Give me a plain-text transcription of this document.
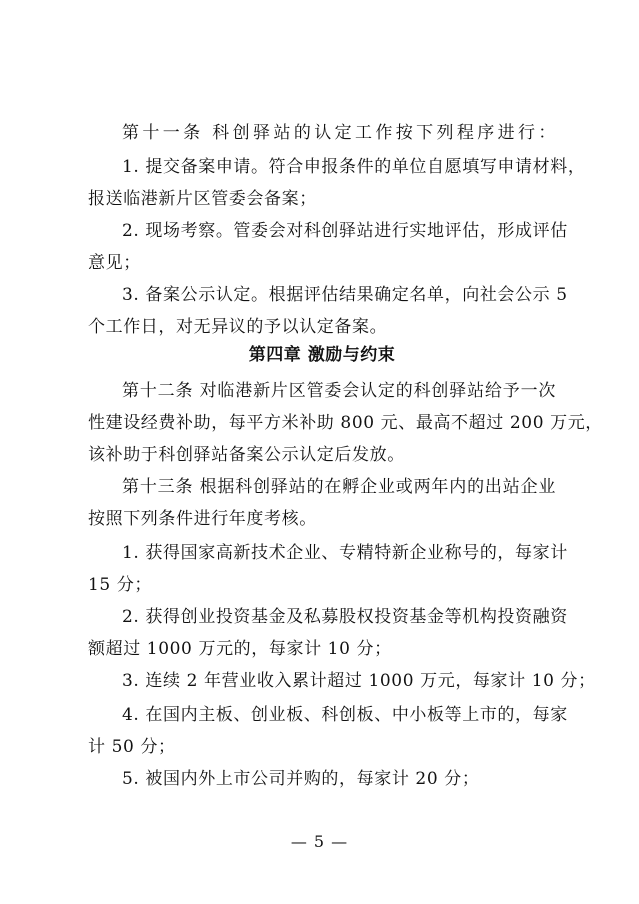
第十一条 科创驿站的认定工作按下列程序进行：
1. 提交备案申请。符合申报条件的单位自愿填写申请材料，
报送临港新片区管委会备案；
2. 现场考察。管委会对科创驿站进行实地评估，形成评估
意见；
3. 备案公示认定。根据评估结果确定名单，向社会公示 5
个工作日，对无异议的予以认定备案。
第四章 激励与约束
第十二条 对临港新片区管委会认定的科创驿站给予一次
性建设经费补助，每平方米补助 800 元、最高不超过 200 万元，
该补助于科创驿站备案公示认定后发放。
第十三条 根据科创驿站的在孵企业或两年内的出站企业
按照下列条件进行年度考核。
1. 获得国家高新技术企业、专精特新企业称号的，每家计
15 分；
2. 获得创业投资基金及私募股权投资基金等机构投资融资
额超过 1000 万元的，每家计 10 分；
3. 连续 2 年营业收入累计超过 1000 万元，每家计 10 分；
4. 在国内主板、创业板、科创板、中小板等上市的，每家
计 50 分；
5. 被国内外上市公司并购的，每家计 20 分；
— 5 —
